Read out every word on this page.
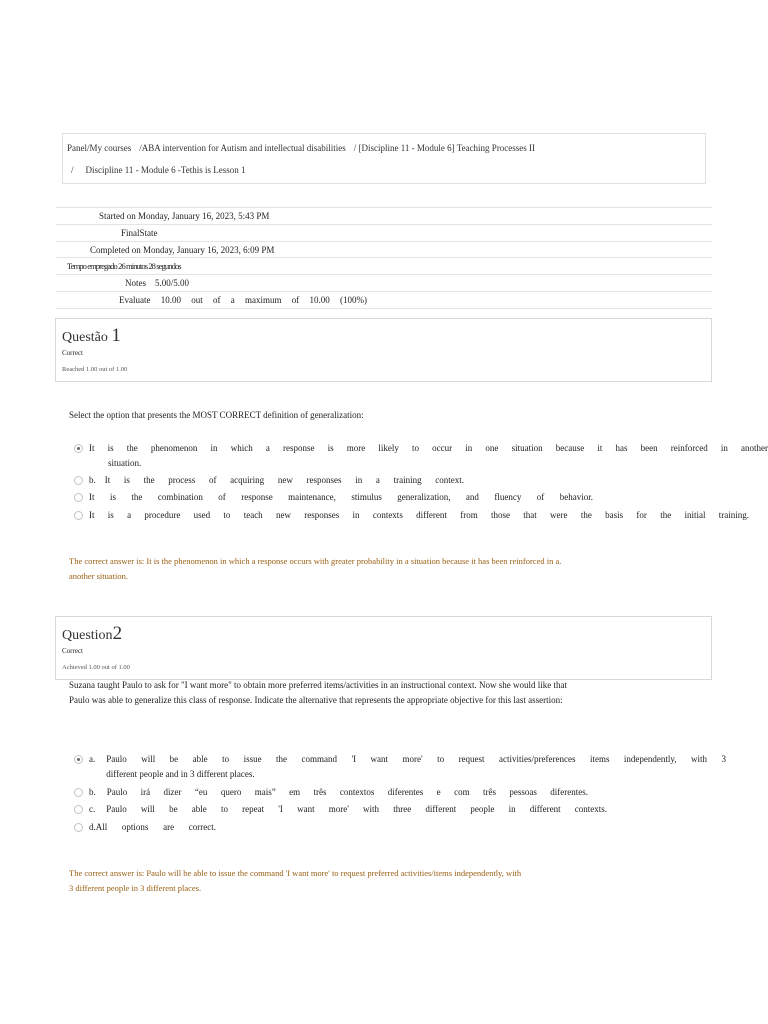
Panel/My courses /ABA intervention for Autism and intellectual disabilities / [Discipline 11 - Module 6] Teaching Processes II
/ Discipline 11 - Module 6 -Tethis is Lesson 1
Started on Monday, January 16, 2023, 5:43 PM
FinalState
Completed on Monday, January 16, 2023, 6:09 PM
Tempo empregado 26 minutos 28 segundos
Notes    5.00/5.00
Evaluate 10.00 out of a maximum of 10.00 (100%)
Questão 1
Correct
Reached 1.00 out of 1.00
Select the option that presents the MOST CORRECT definition of generalization:
It is the phenomenon in which a response is more likely to occur in one situation because it has been reinforced in another
situation.
b. It is the process of acquiring new responses in a training context.
It is the combination of response maintenance, stimulus generalization, and fluency of behavior.
It is a procedure used to teach new responses in contexts different from those that were the basis for the initial training.
The correct answer is: It is the phenomenon in which a response occurs with greater probability in a situation because it has been reinforced in a.
another situation.
Question2
Correct
Achieved 1.00 out of 1.00
Suzana taught Paulo to ask for "I want more" to obtain more preferred items/activities in an instructional context. Now she would like that
Paulo was able to generalize this class of response. Indicate the alternative that represents the appropriate objective for this last assertion:
a. Paulo will be able to issue the command 'I want more' to request activities/preferences items independently, with 3
different people and in 3 different places.
b. Paulo irá dizer “eu quero mais” em três contextos diferentes e com três pessoas diferentes.
c. Paulo will be able to repeat 'I want more' with three different people in different contexts.
d.All options are correct.
The correct answer is: Paulo will be able to issue the command 'I want more' to request preferred activities/items independently, with
3 different people in 3 different places.
